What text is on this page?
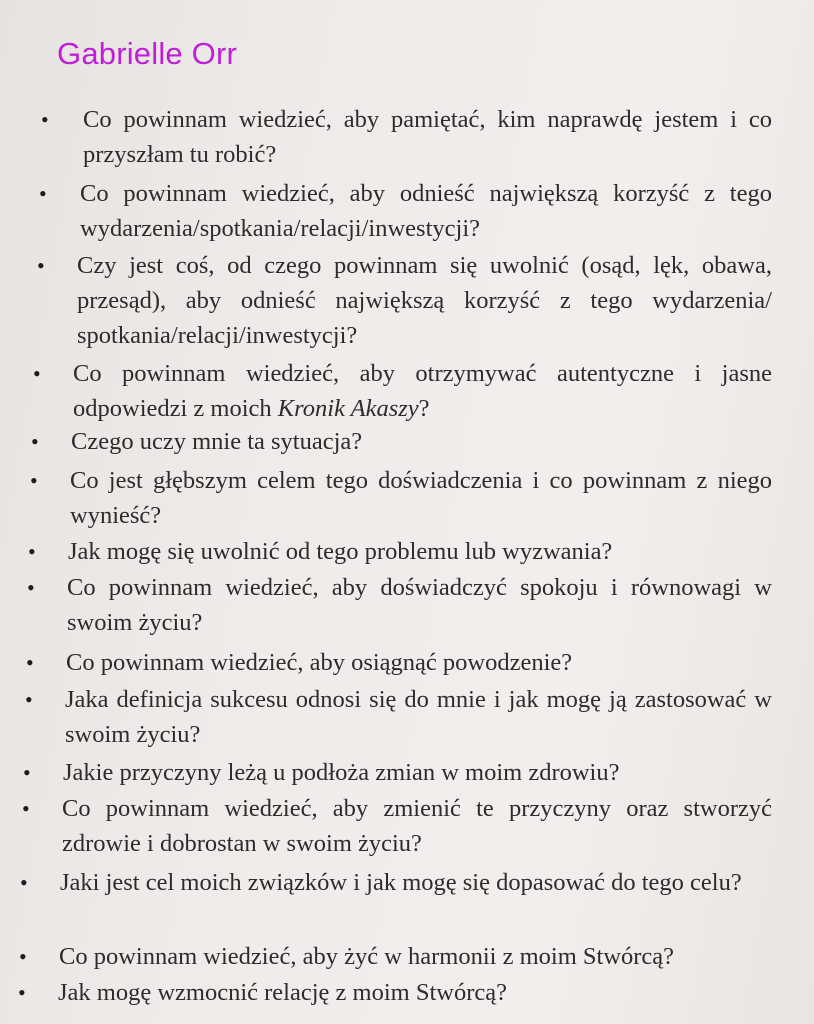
Gabrielle Orr
• Co powinnam wiedzieć, aby pamiętać, kim naprawdę jestem i co przyszłam tu robić?
• Co powinnam wiedzieć, aby odnieść największą korzyść z tego wydarzenia/spotkania/relacji/inwestycji?
• Czy jest coś, od czego powinnam się uwolnić (osąd, lęk, obawa, przesąd), aby odnieść największą korzyść z tego wydarzenia/ spotkania/relacji/inwestycji?
• Co powinnam wiedzieć, aby otrzymywać autentyczne i jasne odpowiedzi z moich Kronik Akaszy?
• Czego uczy mnie ta sytuacja?
• Co jest głębszym celem tego doświadczenia i co powinnam z niego wynieść?
• Jak mogę się uwolnić od tego problemu lub wyzwania?
• Co powinnam wiedzieć, aby doświadczyć spokoju i równowagi w swoim życiu?
• Co powinnam wiedzieć, aby osiągnąć powodzenie?
• Jaka definicja sukcesu odnosi się do mnie i jak mogę ją zastosować w swoim życiu?
• Jakie przyczyny leżą u podłoża zmian w moim zdrowiu?
• Co powinnam wiedzieć, aby zmienić te przyczyny oraz stworzyć zdrowie i dobrostan w swoim życiu?
• Jaki jest cel moich związków i jak mogę się dopasować do tego celu?
• Co powinnam wiedzieć, aby żyć w harmonii z moim Stwórcą?
• Jak mogę wzmocnić relację z moim Stwórcą?
